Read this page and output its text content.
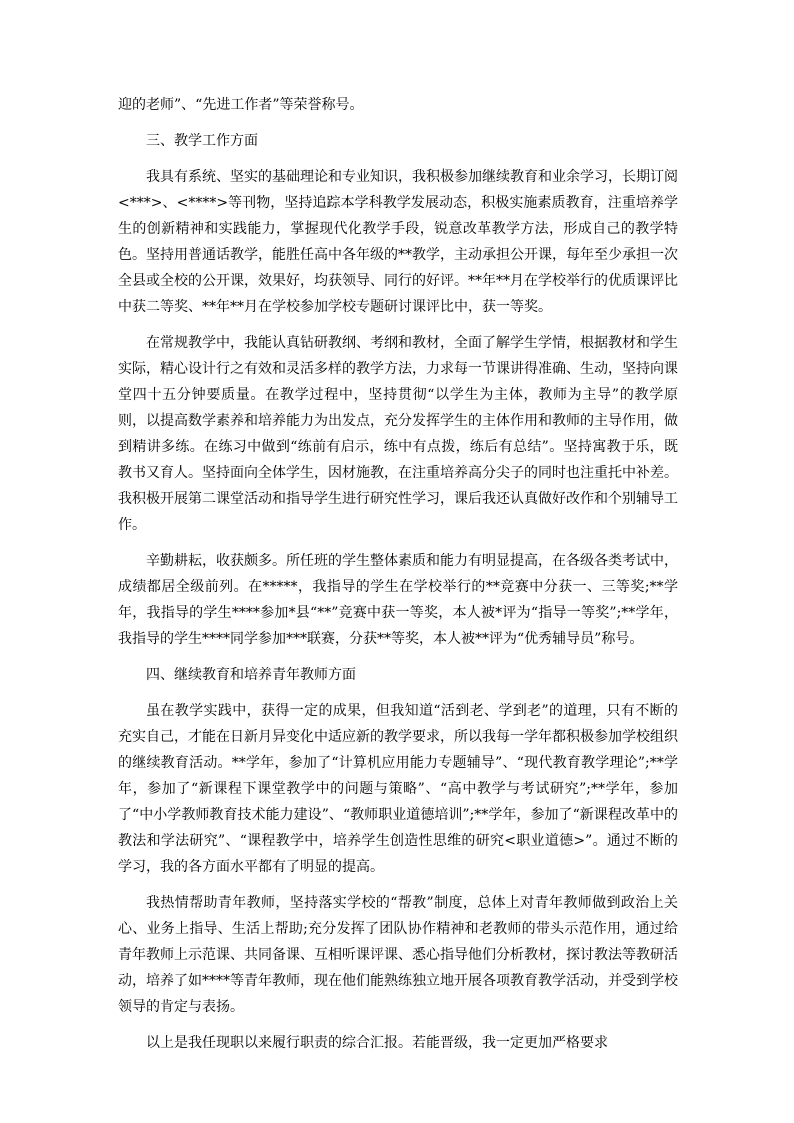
迎的老师”、“先进工作者”等荣誉称号。

三、教学工作方面

我具有系统、坚实的基础理论和专业知识，我积极参加继续教育和业余学习，长期订阅<***>、<****>等刊物，坚持追踪本学科教学发展动态，积极实施素质教育，注重培养学生的创新精神和实践能力，掌握现代化教学手段，锐意改革教学方法，形成自己的教学特色。坚持用普通话教学，能胜任高中各年级的**教学，主动承担公开课，每年至少承担一次全县或全校的公开课，效果好，均获领导、同行的好评。**年**月在学校举行的优质课评比中获二等奖、**年**月在学校参加学校专题研讨课评比中，获一等奖。

在常规教学中，我能认真钻研教纲、考纲和教材，全面了解学生学情，根据教材和学生实际，精心设计行之有效和灵活多样的教学方法，力求每一节课讲得准确、生动，坚持向课堂四十五分钟要质量。在教学过程中，坚持贯彻“以学生为主体，教师为主导”的教学原则，以提高数学素养和培养能力为出发点，充分发挥学生的主体作用和教师的主导作用，做到精讲多练。在练习中做到“练前有启示，练中有点拨，练后有总结”。坚持寓教于乐，既教书又育人。坚持面向全体学生，因材施教，在注重培养高分尖子的同时也注重托中补差。我积极开展第二课堂活动和指导学生进行研究性学习，课后我还认真做好改作和个别辅导工作。

辛勤耕耘，收获颇多。所任班的学生整体素质和能力有明显提高，在各级各类考试中，成绩都居全级前列。在*****，我指导的学生在学校举行的**竞赛中分获一、三等奖;**学年，我指导的学生****参加*县“**”竞赛中获一等奖，本人被*评为“指导一等奖”;**学年，我指导的学生****同学参加***联赛，分获**等奖，本人被**评为“优秀辅导员”称号。

四、继续教育和培养青年教师方面

虽在教学实践中，获得一定的成果，但我知道“活到老、学到老”的道理，只有不断的充实自己，才能在日新月异变化中适应新的教学要求，所以我每一学年都积极参加学校组织的继续教育活动。**学年，参加了“计算机应用能力专题辅导”、“现代教育教学理论”;**学年，参加了“新课程下课堂教学中的问题与策略”、“高中教学与考试研究”;**学年，参加了“中小学教师教育技术能力建设”、“教师职业道德培训”;**学年，参加了“新课程改革中的教法和学法研究”、“课程教学中，培养学生创造性思维的研究<职业道德>”。通过不断的学习，我的各方面水平都有了明显的提高。

我热情帮助青年教师，坚持落实学校的“帮教”制度，总体上对青年教师做到政治上关心、业务上指导、生活上帮助;充分发挥了团队协作精神和老教师的带头示范作用，通过给青年教师上示范课、共同备课、互相听课评课、悉心指导他们分析教材，探讨教法等教研活动，培养了如****等青年教师，现在他们能熟练独立地开展各项教育教学活动，并受到学校领导的肯定与表扬。

以上是我任现职以来履行职责的综合汇报。若能晋级，我一定更加严格要求
